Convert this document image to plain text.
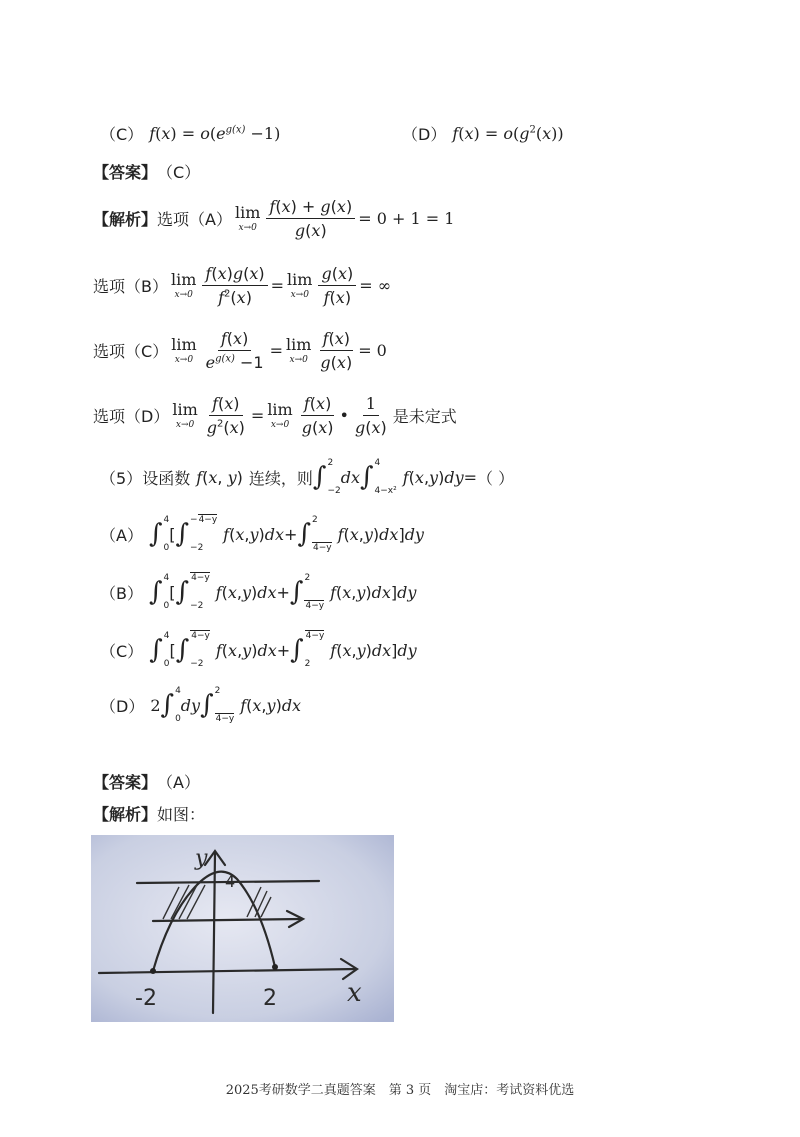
（C） $f(x) = o(e^{g(x)} -1)$	（D） $f(x) = o(g^2(x))$
【答案】 （C）
【解析】 选项 （A） lim
$x\to 0 \frac{f(x) + g(x)}{g(x)} = 0 + 1 = 1$
选项 （B） lim
$x\to 0 \frac{f(x)g(x)}{f^2(x)} = \lim$
$x\to 0 \frac{g(x)}{f(x)}$ = ∞
选项 （C） lim
$x\to 0 \frac{f(x)}{e^{g(x)} -1} = \lim$
$x\to 0 \frac{f(x)}{g(x)} = 0$
选项 （D） lim
$x\to 0 \frac{f(x)}{g^2(x)} = \lim$
$x\to 0 \frac{f(x)}{g(x)}$ • $\frac{1}{g(x)}$ 是未定式
（5） 设函数 f(x, y) 连续，则 ∫ 2
−2
dx ∫ 4
4−x²
f ( x , y ) dy = （ ）
（A） ∫ 4
0
[ ∫ −4−y
−2
f ( x , y ) dx + ∫ 2
4−y
f ( x , y ) dx ] dy
（B） ∫ 4
0
[ ∫ 4−y
−2
f ( x , y ) dx + ∫ 2
4−y
f ( x , y ) dx ] dy
（C） ∫ 4
0
[ ∫ 4−y
−2
f ( x , y ) dx + ∫ 4−y
2
f ( x , y ) dx ] dy
（D） 2 ∫ 4
0
dy ∫ 2
4−y
f ( x , y ) dx
【答案】 （A）
【解析】 如图：
y
4
-2	2	x
2025考研数学二真题答案　第 3 页　淘宝店：考试资料优选
